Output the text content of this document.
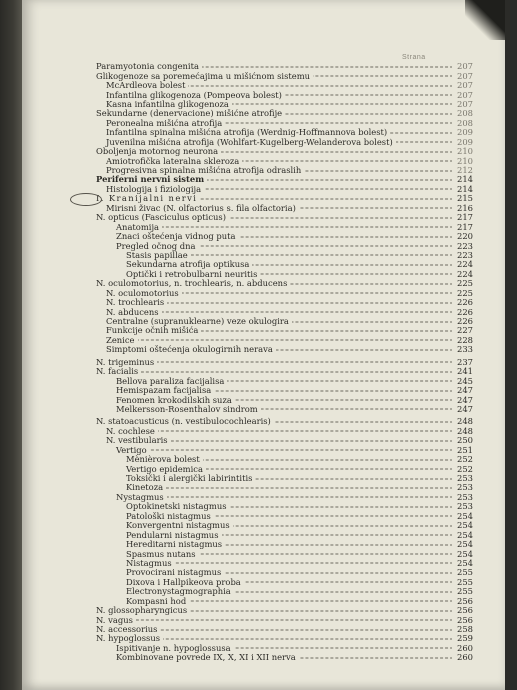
Strana
Paramyotonia congenita	207
Glikogenoze sa poremećajima u mišićnom sistemu	207
McArdleova bolest	207
Infantilna glikogenoza (Pompeova bolest)	207
Kasna infantilna glikogenoza	207
Sekundarne (denervacione) mišićne atrofije	208
Peronealna mišićna atrofija	208
Infantilna spinalna mišićna atrofija (Werdnig-Hoffmannova bolest)	209
Juvenilna mišićna atrofija (Wohlfart-Kugelberg-Welanderova bolest)	209
Oboljenja motornog neurona	210
Amiotrofička lateralna skleroza	210
Progresivna spinalna mišićna atrofija odraslih	212
Periferni nervni sistem	214
Histologija i fiziologija	214
I. Kranijalni nervi	215
Mirisni živac (N. olfactorius s. fila olfactoria)	216
N. opticus (Fasciculus opticus)	217
Anatomija	217
Znaci oštećenja vidnog puta	220
Pregled očnog dna	223
Stasis papillae	223
Sekundarna atrofija optikusa	224
Optički i retrobulbarni neuritis	224
N. oculomotorius, n. trochlearis, n. abducens	225
N. oculomotorius	225
N. trochlearis	226
N. abducens	226
Centralne (supranuklearne) veze okulogira	226
Funkcije očnih mišića	227
Zenice	228
Simptomi oštećenja okulogirnih nerava	233
N. trigeminus	237
N. facialis	241
Bellova paraliza facijalisa	245
Hemispazam facijalisa	247
Fenomen krokodilskih suza	247
Melkersson-Rosenthalov sindrom	247
N. statoacusticus (n. vestibulocochlearis)	248
N. cochlese	248
N. vestibularis	250
Vertigo	251
Mènièrova bolest	252
Vertigo epidemica	252
Toksički i alergički labirintitis	253
Kinetoza	253
Nystagmus	253
Optokinetski nistagmus	253
Patološki nistagmus	254
Konvergentni nistagmus	254
Pendularni nistagmus	254
Hereditarni nistagmus	254
Spasmus nutans	254
Nistagmus	254
Provocirani nistagmus	255
Dixova i Hallpikeova proba	255
Electronystagmographia	255
Kompasni hod	256
N. glossopharyngicus	256
N. vagus	256
N. accessorius	258
N. hypoglossus	259
Ispitivanje n. hypoglossusa	260
Kombinovane povrede IX, X, XI i XII nerva	260
